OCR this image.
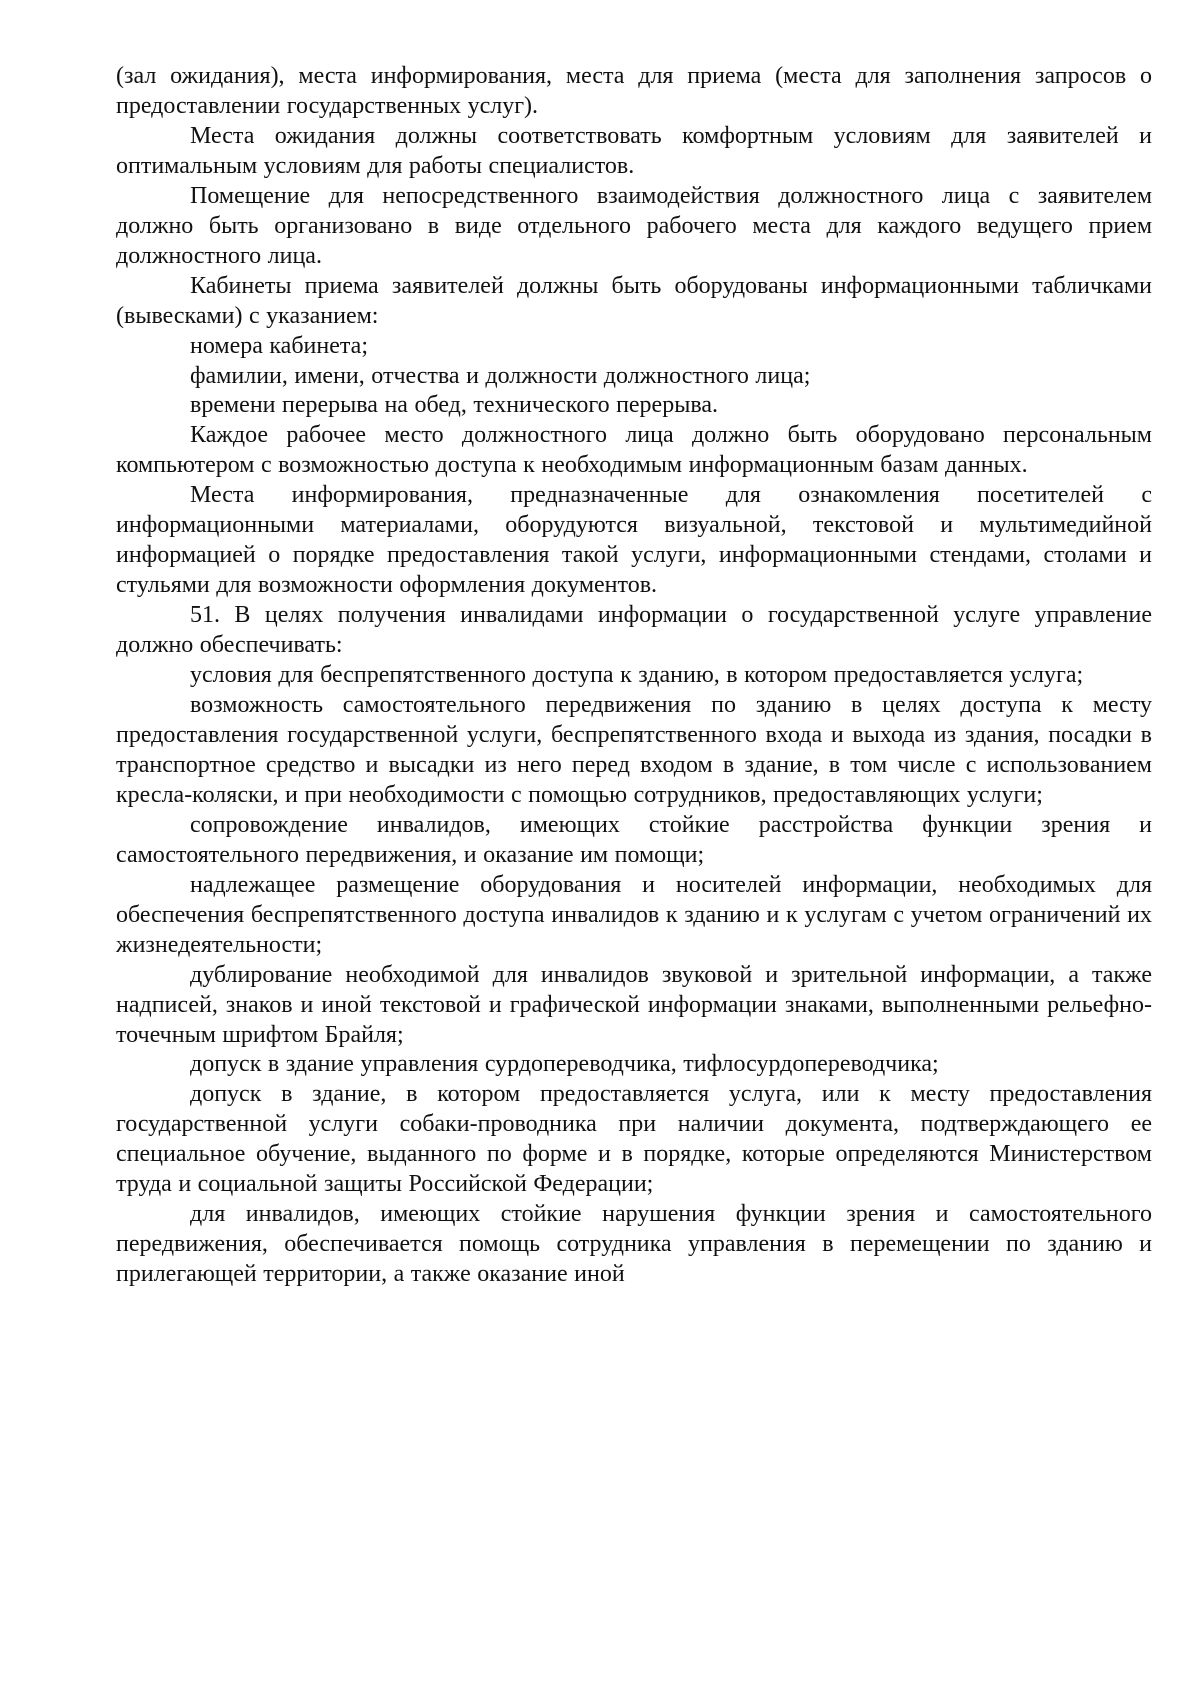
(зал ожидания), места информирования, места для приема (места для заполнения запросов о предоставлении государственных услуг).

Места ожидания должны соответствовать комфортным условиям для заявителей и оптимальным условиям для работы специалистов.

Помещение для непосредственного взаимодействия должностного лица с заявителем должно быть организовано в виде отдельного рабочего места для каждого ведущего прием должностного лица.

Кабинеты приема заявителей должны быть оборудованы информационными табличками (вывесками) с указанием:

номера кабинета;

фамилии, имени, отчества и должности должностного лица;

времени перерыва на обед, технического перерыва.

Каждое рабочее место должностного лица должно быть оборудовано персональным компьютером с возможностью доступа к необходимым информационным базам данных.

Места информирования, предназначенные для ознакомления посетителей с информационными материалами, оборудуются визуальной, текстовой и мультимедийной информацией о порядке предоставления такой услуги, информационными стендами, столами и стульями для возможности оформления документов.

51. В целях получения инвалидами информации о государственной услуге управление должно обеспечивать:

условия для беспрепятственного доступа к зданию, в котором предоставляется услуга;

возможность самостоятельного передвижения по зданию в целях доступа к месту предоставления государственной услуги, беспрепятственного входа и выхода из здания, посадки в транспортное средство и высадки из него перед входом в здание, в том числе с использованием кресла-коляски, и при необходимости с помощью сотрудников, предоставляющих услуги;

сопровождение инвалидов, имеющих стойкие расстройства функции зрения и самостоятельного передвижения, и оказание им помощи;

надлежащее размещение оборудования и носителей информации, необходимых для обеспечения беспрепятственного доступа инвалидов к зданию и к услугам с учетом ограничений их жизнедеятельности;

дублирование необходимой для инвалидов звуковой и зрительной информации, а также надписей, знаков и иной текстовой и графической информации знаками, выполненными рельефно-точечным шрифтом Брайля;

допуск в здание управления сурдопереводчика, тифлосурдопереводчика;

допуск в здание, в котором предоставляется услуга, или к месту предоставления государственной услуги собаки-проводника при наличии документа, подтверждающего ее специальное обучение, выданного по форме и в порядке, которые определяются Министерством труда и социальной защиты Российской Федерации;

для инвалидов, имеющих стойкие нарушения функции зрения и самостоятельного передвижения, обеспечивается помощь сотрудника управления в перемещении по зданию и прилегающей территории, а также оказание иной
